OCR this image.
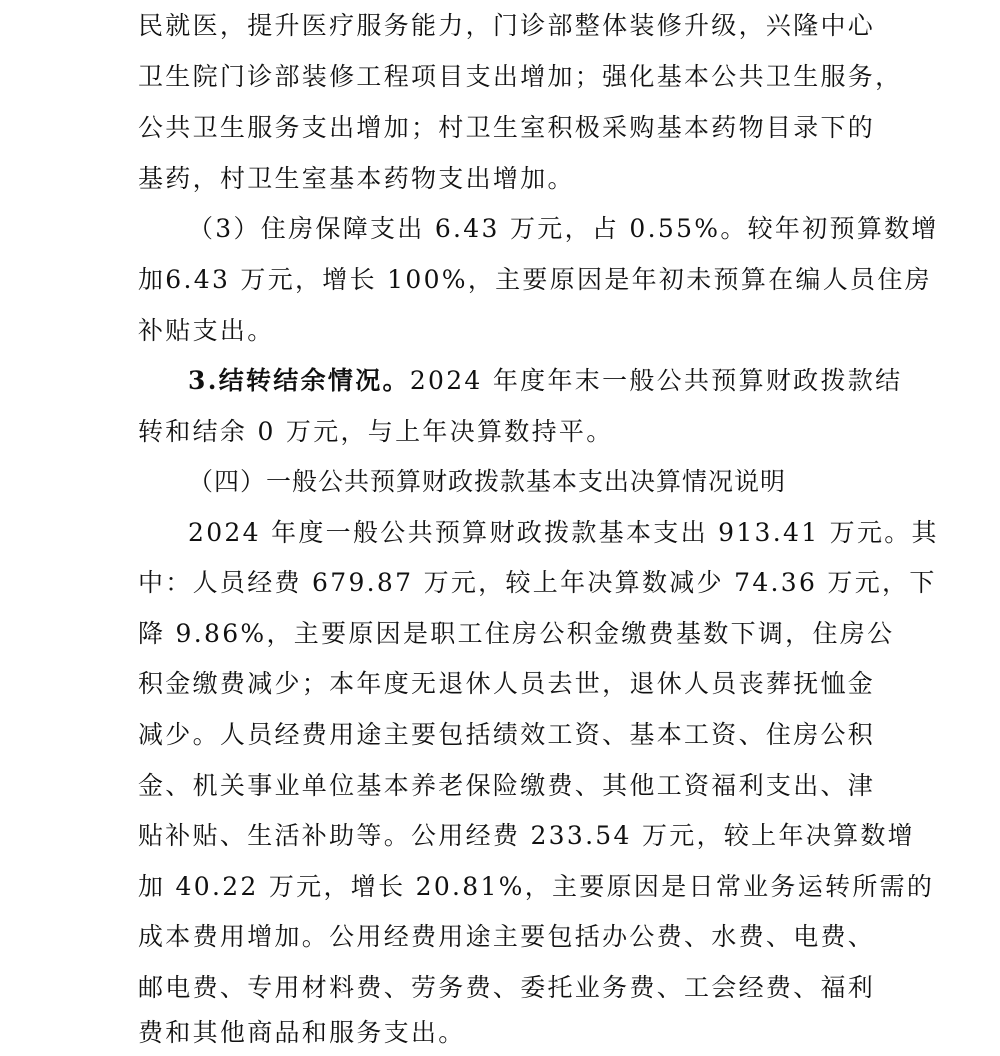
民就医，提升医疗服务能力，门诊部整体装修升级，兴隆中心
卫生院门诊部装修工程项目支出增加；强化基本公共卫生服务，
公共卫生服务支出增加；村卫生室积极采购基本药物目录下的
基药，村卫生室基本药物支出增加。
（3）住房保障支出 6.43 万元，占 0.55%。较年初预算数增
加6.43 万元，增长 100%，主要原因是年初未预算在编人员住房
补贴支出。
3.结转结余情况。2024 年度年末一般公共预算财政拨款结
转和结余 0 万元，与上年决算数持平。
（四）一般公共预算财政拨款基本支出决算情况说明
2024 年度一般公共预算财政拨款基本支出 913.41 万元。其
中：人员经费 679.87 万元，较上年决算数减少 74.36 万元，下
降 9.86%，主要原因是职工住房公积金缴费基数下调，住房公
积金缴费减少；本年度无退休人员去世，退休人员丧葬抚恤金
减少。人员经费用途主要包括绩效工资、基本工资、住房公积
金、机关事业单位基本养老保险缴费、其他工资福利支出、津
贴补贴、生活补助等。公用经费 233.54 万元，较上年决算数增
加 40.22 万元，增长 20.81%，主要原因是日常业务运转所需的
成本费用增加。公用经费用途主要包括办公费、水费、电费、
邮电费、专用材料费、劳务费、委托业务费、工会经费、福利
费和其他商品和服务支出。
